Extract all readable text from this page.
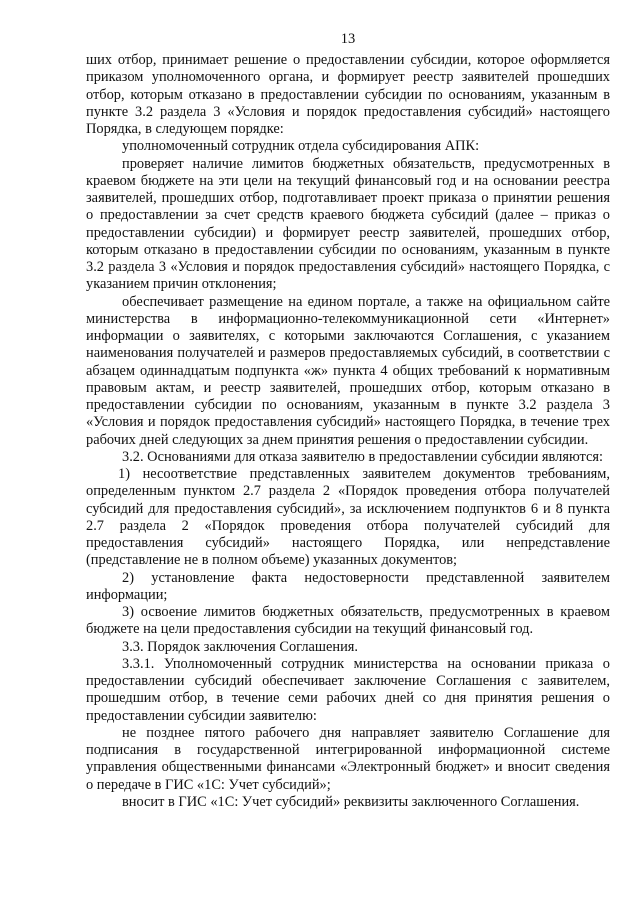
13

ших отбор, принимает решение о предоставлении субсидии, которое оформляется приказом уполномоченного органа, и формирует реестр заявителей прошедших отбор, которым отказано в предоставлении субсидии по основаниям, указанным в пункте 3.2 раздела 3 «Условия и порядок предоставления субсидий» настоящего Порядка, в следующем порядке:

уполномоченный сотрудник отдела субсидирования АПК:

проверяет наличие лимитов бюджетных обязательств, предусмотренных в краевом бюджете на эти цели на текущий финансовый год и на основании реестра заявителей, прошедших отбор, подготавливает проект приказа о принятии решения о предоставлении за счет средств краевого бюджета субсидий (далее – приказ о предоставлении субсидии) и формирует реестр заявителей, прошедших отбор, которым отказано в предоставлении субсидии по основаниям, указанным в пункте 3.2 раздела 3 «Условия и порядок предоставления субсидий» настоящего Порядка, с указанием причин отклонения;

обеспечивает размещение на едином портале, а также на официальном сайте министерства в информационно-телекоммуникационной сети «Интернет» информации о заявителях, с которыми заключаются Соглашения, с указанием наименования получателей и размеров предоставляемых субсидий, в соответствии с абзацем одиннадцатым подпункта «ж» пункта 4 общих требований к нормативным правовым актам, и реестр заявителей, прошедших отбор, которым отказано в предоставлении субсидии по основаниям, указанным в пункте 3.2 раздела 3 «Условия и порядок предоставления субсидий» настоящего Порядка, в течение трех рабочих дней следующих за днем принятия решения о предоставлении субсидии.

3.2. Основаниями для отказа заявителю в предоставлении субсидии являются:

1) несоответствие представленных заявителем документов требованиям, определенным пунктом 2.7 раздела 2 «Порядок проведения отбора получателей субсидий для предоставления субсидий», за исключением подпунктов 6 и 8 пункта 2.7 раздела 2 «Порядок проведения отбора получателей субсидий для предоставления субсидий» настоящего Порядка, или непредставление (представление не в полном объеме) указанных документов;

2) установление факта недостоверности представленной заявителем информации;

3) освоение лимитов бюджетных обязательств, предусмотренных в краевом бюджете на цели предоставления субсидии на текущий финансовый год.

3.3. Порядок заключения Соглашения.

3.3.1. Уполномоченный сотрудник министерства на основании приказа о предоставлении субсидий обеспечивает заключение Соглашения с заявителем, прошедшим отбор, в течение семи рабочих дней со дня принятия решения о предоставлении субсидии заявителю:

не позднее пятого рабочего дня направляет заявителю Соглашение для подписания в государственной интегрированной информационной системе управления общественными финансами «Электронный бюджет» и вносит сведения о передаче в ГИС «1С: Учет субсидий»;

вносит в ГИС «1С: Учет субсидий» реквизиты заключенного Соглашения.
